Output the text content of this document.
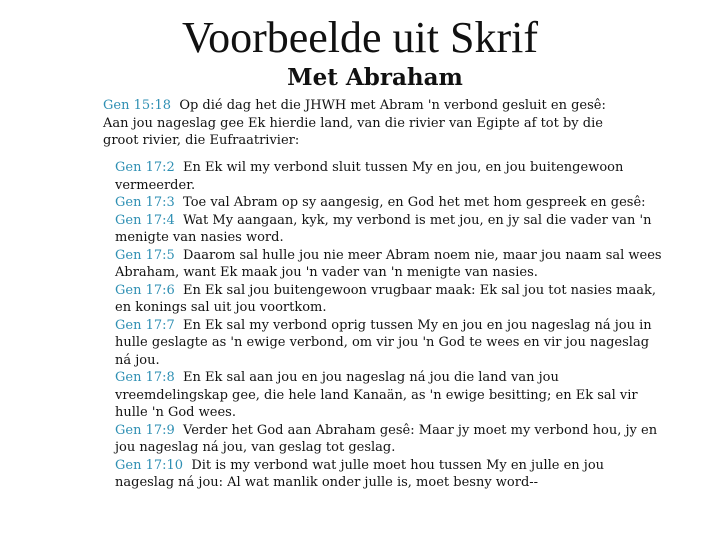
Voorbeelde uit Skrif
Met Abraham

Gen 15:18 Op dié dag het die JHWH met Abram 'n verbond gesluit en gesê: Aan jou nageslag gee Ek hierdie land, van die rivier van Egipte af tot by die groot rivier, die Eufraatrivier:

Gen 17:2 En Ek wil my verbond sluit tussen My en jou, en jou buitengewoon vermeerder.

Gen 17:3 Toe val Abram op sy aangesig, en God het met hom gespreek en gesê:

Gen 17:4 Wat My aangaan, kyk, my verbond is met jou, en jy sal die vader van 'n menigte van nasies word.

Gen 17:5 Daarom sal hulle jou nie meer Abram noem nie, maar jou naam sal wees Abraham, want Ek maak jou 'n vader van 'n menigte van nasies.

Gen 17:6 En Ek sal jou buitengewoon vrugbaar maak: Ek sal jou tot nasies maak, en konings sal uit jou voortkom.

Gen 17:7 En Ek sal my verbond oprig tussen My en jou en jou nageslag ná jou in hulle geslagte as 'n ewige verbond, om vir jou 'n God te wees en vir jou nageslag ná jou.

Gen 17:8 En Ek sal aan jou en jou nageslag ná jou die land van jou vreemdelingskap gee, die hele land Kanaän, as 'n ewige besitting; en Ek sal vir hulle 'n God wees.

Gen 17:9 Verder het God aan Abraham gesê: Maar jy moet my verbond hou, jy en jou nageslag ná jou, van geslag tot geslag.

Gen 17:10 Dit is my verbond wat julle moet hou tussen My en julle en jou nageslag ná jou: Al wat manlik onder julle is, moet besny word--
